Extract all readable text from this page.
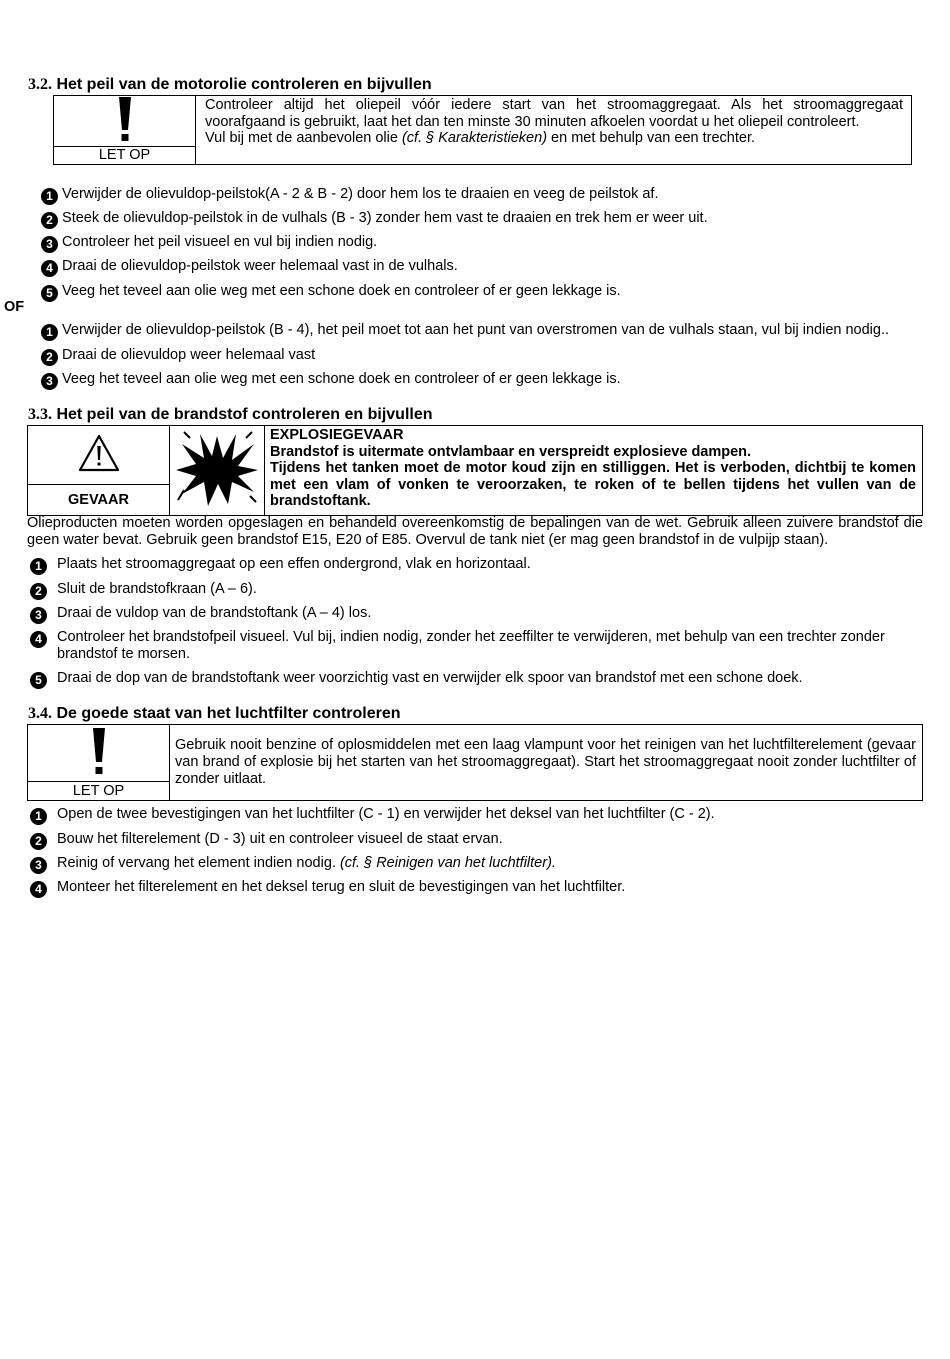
3.2. Het peil van de motorolie controleren en bijvullen

Controleer altijd het oliepeil vóór iedere start van het stroomaggregaat. Als het stroomaggregaat voorafgaand is gebruikt, laat het dan ten minste 30 minuten afkoelen voordat u het oliepeil controleert.
Vul bij met de aanbevolen olie (cf. § Karakteristieken) en met behulp van een trechter.

LET OP
1 Verwijder de olievuldop-peilstok(A - 2 & B - 2) door hem los te draaien en veeg de peilstok af.
2 Steek de olievuldop-peilstok in de vulhals (B - 3) zonder hem vast te draaien en trek hem er weer uit.
3 Controleer het peil visueel en vul bij indien nodig.
4 Draai de olievuldop-peilstok weer helemaal vast in de vulhals.
5 Veeg het teveel aan olie weg met een schone doek en controleer of er geen lekkage is.
OF
1 Verwijder de olievuldop-peilstok (B - 4), het peil moet tot aan het punt van overstromen van de vulhals staan, vul bij indien nodig..
2 Draai de olievuldop weer helemaal vast
3 Veeg het teveel aan olie weg met een schone doek en controleer of er geen lekkage is.
3.3. Het peil van de brandstof controleren en bijvullen

EXPLOSIEGEVAAR
Brandstof is uitermate ontvlambaar en verspreidt explosieve dampen.
Tijdens het tanken moet de motor koud zijn en stilliggen. Het is verboden, dichtbij te komen met een vlam of vonken te veroorzaken, te roken of te bellen tijdens het vullen van de brandstoftank.

GEVAAR
Olieproducten moeten worden opgeslagen en behandeld overeenkomstig de bepalingen van de wet. Gebruik alleen zuivere brandstof die geen water bevat. Gebruik geen brandstof E15, E20 of E85. Overvul de tank niet (er mag geen brandstof in de vulpijp staan).
1 Plaats het stroomaggregaat op een effen ondergrond, vlak en horizontaal.
2 Sluit de brandstofkraan (A – 6).
3 Draai de vuldop van de brandstoftank (A – 4) los.
4	Controleer het brandstofpeil visueel. Vul bij, indien nodig, zonder het zeeffilter te verwijderen, met behulp van een trechter zonder brandstof te morsen.
5 Draai de dop van de brandstoftank weer voorzichtig vast en verwijder elk spoor van brandstof met een schone doek.
3.4. De goede staat van het luchtfilter controleren
	Gebruik nooit benzine of oplosmiddelen met een laag vlampunt voor het reinigen van het luchtfilterelement (gevaar van brand of explosie bij het starten van het stroomaggregaat). Start het stroomaggregaat nooit zonder luchtfilter of zonder uitlaat.
LET OP
1 Open de twee bevestigingen van het luchtfilter (C - 1) en verwijder het deksel van het luchtfilter (C - 2).
2 Bouw het filterelement (D - 3) uit en controleer visueel de staat ervan.
3 Reinig of vervang het element indien nodig. (cf. § Reinigen van het luchtfilter).
4 Monteer het filterelement en het deksel terug en sluit de bevestigingen van het luchtfilter.
